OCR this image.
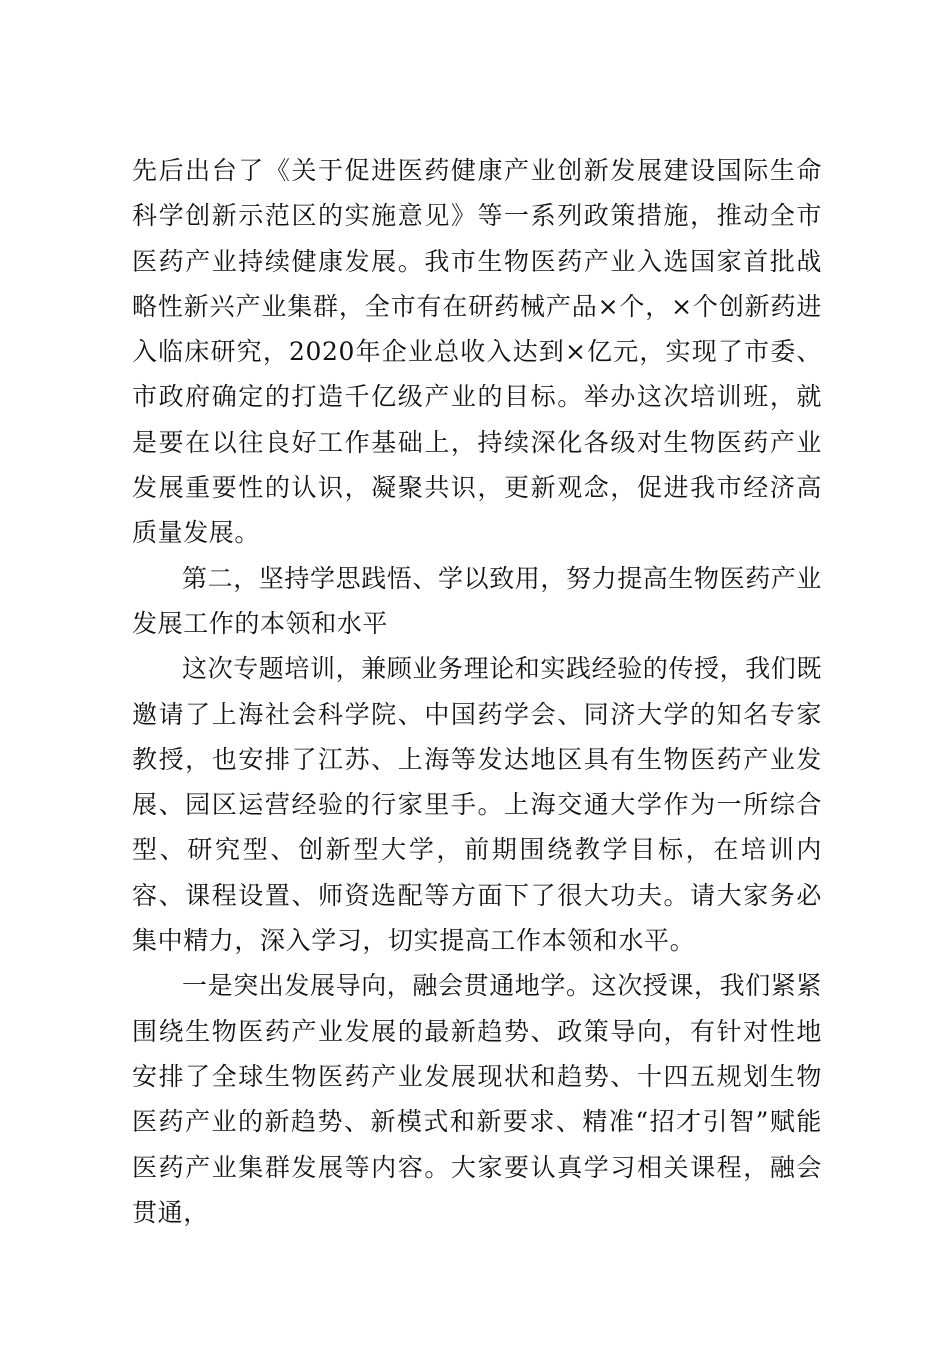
先后出台了《关于促进医药健康产业创新发展建设国际生命科学创新示范区的实施意见》等一系列政策措施，推动全市医药产业持续健康发展。我市生物医药产业入选国家首批战略性新兴产业集群，全市有在研药械产品×个，×个创新药进入临床研究，2020年企业总收入达到×亿元，实现了市委、市政府确定的打造千亿级产业的目标。举办这次培训班，就是要在以往良好工作基础上，持续深化各级对生物医药产业发展重要性的认识，凝聚共识，更新观念，促进我市经济高质量发展。

第二，坚持学思践悟、学以致用，努力提高生物医药产业发展工作的本领和水平

这次专题培训，兼顾业务理论和实践经验的传授，我们既邀请了上海社会科学院、中国药学会、同济大学的知名专家教授，也安排了江苏、上海等发达地区具有生物医药产业发展、园区运营经验的行家里手。上海交通大学作为一所综合型、研究型、创新型大学，前期围绕教学目标，在培训内容、课程设置、师资选配等方面下了很大功夫。请大家务必集中精力，深入学习，切实提高工作本领和水平。

一是突出发展导向，融会贯通地学。这次授课，我们紧紧围绕生物医药产业发展的最新趋势、政策导向，有针对性地安排了全球生物医药产业发展现状和趋势、十四五规划生物医药产业的新趋势、新模式和新要求、精准“招才引智”赋能医药产业集群发展等内容。大家要认真学习相关课程，融会贯通，
